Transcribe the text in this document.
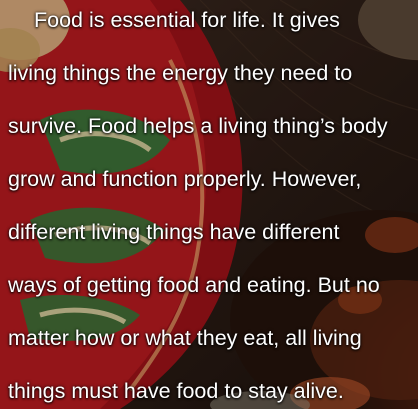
Food is essential for life. It gives
living things the energy they need to
survive. Food helps a living thing’s body
grow and function properly. However,
different living things have different
ways of getting food and eating. But no
matter how or what they eat, all living
things must have food to stay alive.
